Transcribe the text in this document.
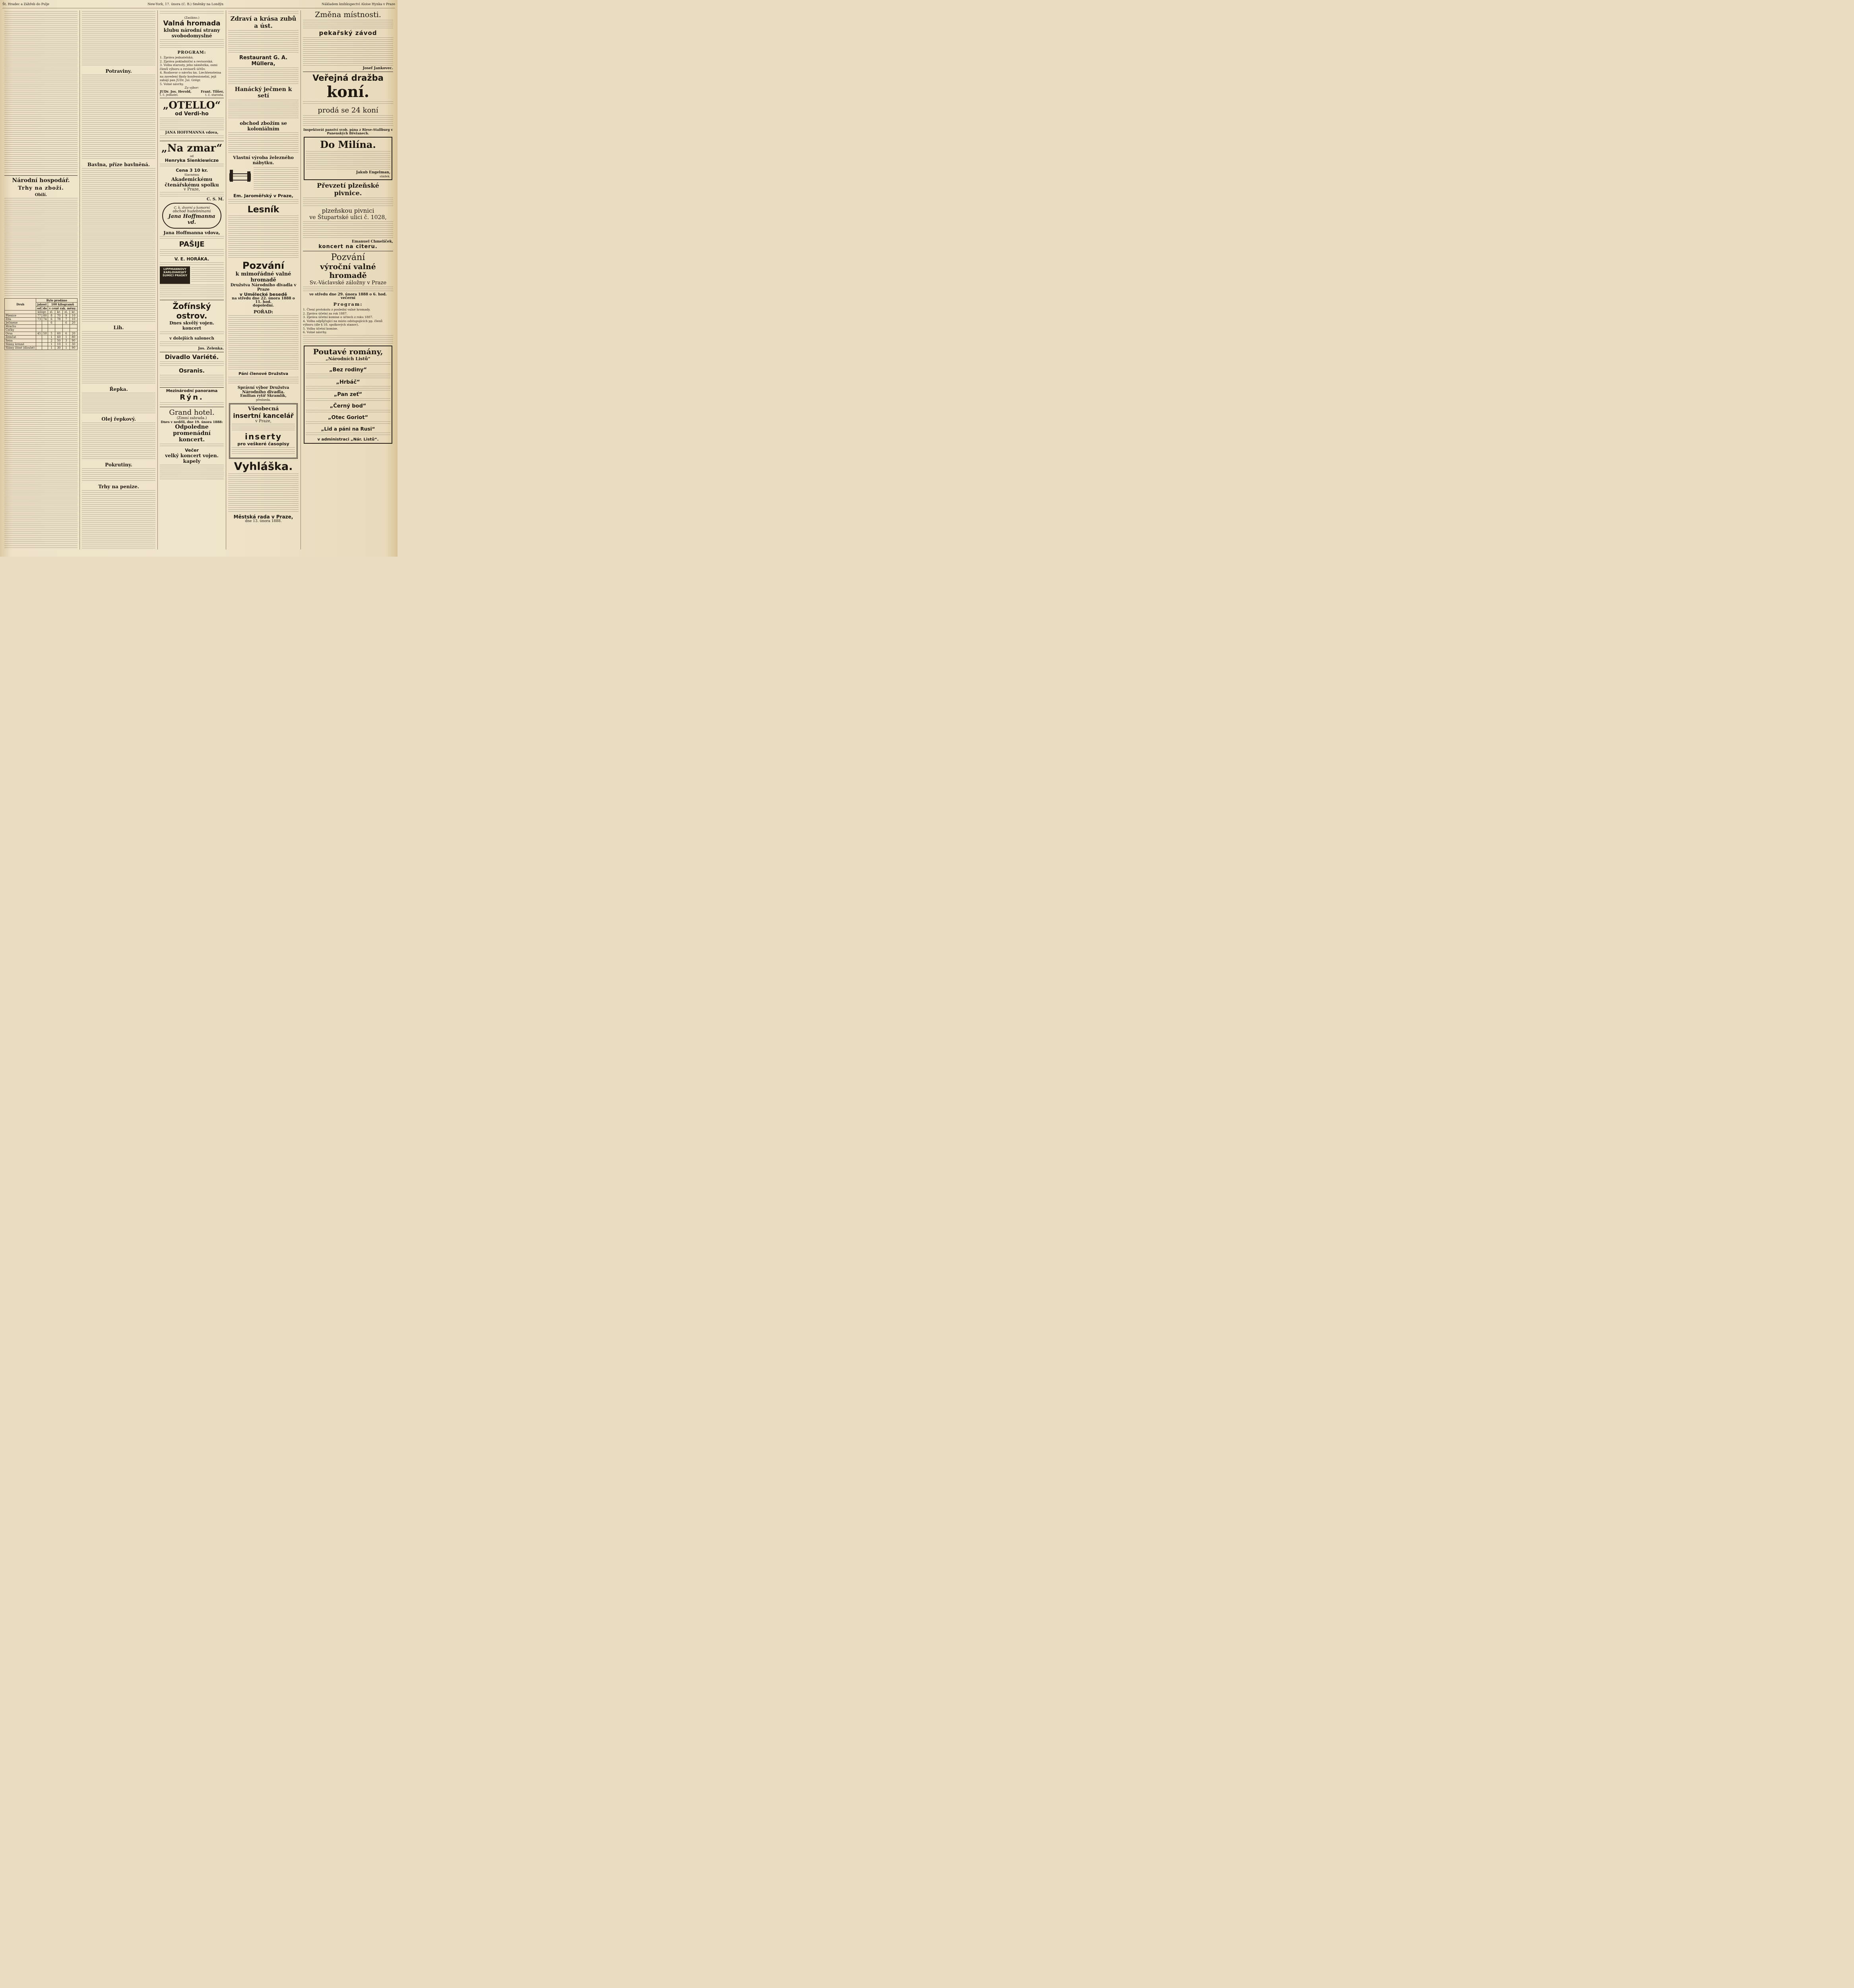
Št. Hradec a Záhřeb do Pulje	New-York, 17. února (C. B.) Směnky na Londýn	Nákladem knihkupectví Aloise Hynka v Praze
Národní hospodář.
Trhy na zboží.
Obilí.
Druh	Bylo prodáno					
	jakost		100 kilogramů			
	od	do	v ceně rak. měny.			
	kilogr.		zl.	kr.	zl.	kr.
Pšenice	77	80	8	70	9	10
Žita	73	74	6	78	7	10
Ječmene			6		6	20
Hrachu						
Čočky						
Ovsa	45	50	5	60	6	20
Zemčat			1	60	1	80
Sena			2	50	3	90
Slámy krmné			1	10	1	30
Slámy žitné (dlouhé)			1	30	1	90
Potraviny.
Bavlna, příze bavlněná.
Lih.
Řepka.
Olej řepkový.
Pokrutiny.
Trhy na penize.
(Zasláno.)
Valná hromada
klubu národní strany svobodomyslné
PROGRAM:
1. Zpráva jednatelská.
2. Zpráva pokladniční a revisorská.
3. Volba starosty, jeho náměstka, osmi členů výboru a revisorů účtův.
4. Rozhovor o návrhu kn. Liechtensteina na zavedení školy konfessionelní, jejž zahájí pan JUDr. Jul. Grégr.
5. Volné návrhy.
Za výbor:
JUDr. Jos. Herold,	Frant. Tilšer,
t. č. jednatel.	t. č. starosta.
„OTELLO“
od Verdi-ho
JANA HOFFMANNA vdova,
„Na zmar“
od
Henryka Sienkiewicze
Cena 3 10 kr.
Slavnému
Akademickému čtenářskému spolku
v Praze,
C. S. M.
C. k. dvorní a komorní
obchod hudebninami
Jana Hoffmanna vd.
Jana Hoffmanna vdova,
PAŠIJE
V. E. HORÁKA.
LIPPMANNOVY KARLOVARSKÝ ŠUMÍCÍ PRÁŠKY
Žofínský ostrov.
Dnes skvělý vojen. koncert
v dolejších salonech
Jos. Zelenka.
Divadlo Variété.
Osranis.
Mezinárodní panorama
Rýn.
Grand hotel.
(Zimní zahrada.)
Dnes v neděli, dne 19. února 1888:
Odpoledne
promenádní koncert.
Večer
velký koncert vojen. kapely
Zdraví a krása zubů a úst.
Restaurant G. A. Müllera,
Hanácký ječmen k setí
obchod zbožím se koloniálním
Vlastní výroba železného nábytku.
Em. Jaroměřský v Praze,
Lesník
Pozvání
k mimořádné valné hromadě
Družstva Národního divadla v Praze
v Umělecké besedě
na středu dne 22. února 1888 o 11. hod.
dopolední.
POŘAD:
Páni členové Družstva
Správní výbor Družstva Národního divadla.
Emilian rytíř Skramlík,
předseda.
Všeobecná
insertní kancelář
v Praze,
inserty
pro veškeré časopisy
Vyhláška.
Městská rada v Praze,
dne 13. února 1888.
Změna místnosti.
pekařský závod
Josef Jankovec.
Veřejná dražba
koní.
prodá se 24 koní
Inspektorát panství svob. pána z Riese-Stallburg v Panenských Břežanech.
Do Milína.
Jakub Engelman,
sládek.
Převzetí plzeňské pivnice.
plzeňskou pivnici
ve Štupartské ulici č. 1028,
Emanuel Chmelíček,
koncert na citeru.
Pozvání
výroční valné hromadě
Sv.-Václavské záložny v Praze
ve středu dne 29. února 1888 o 6. hod. večerní
Program:
1. Čtení protokolu z poslední valné hromady.
2. Zpráva účetní za rok 1887.
3. Zpráva účetní komise o účtech z roku 1887.
4. Volba odpůjčující na místo odstupujících pp. členů výboru (dle § 18. spolkových stanov).
5. Volba účetní komise.
6. Volné návrhy.
Poutavé romány,
„Národních Listů“
„Bez rodiny“
„Hrbáč“
„Pan zeť“
„Černý bod“
„Otec Goriot“
„Lid a páni na Rusi“
v administraci „Nár. Listů“.
